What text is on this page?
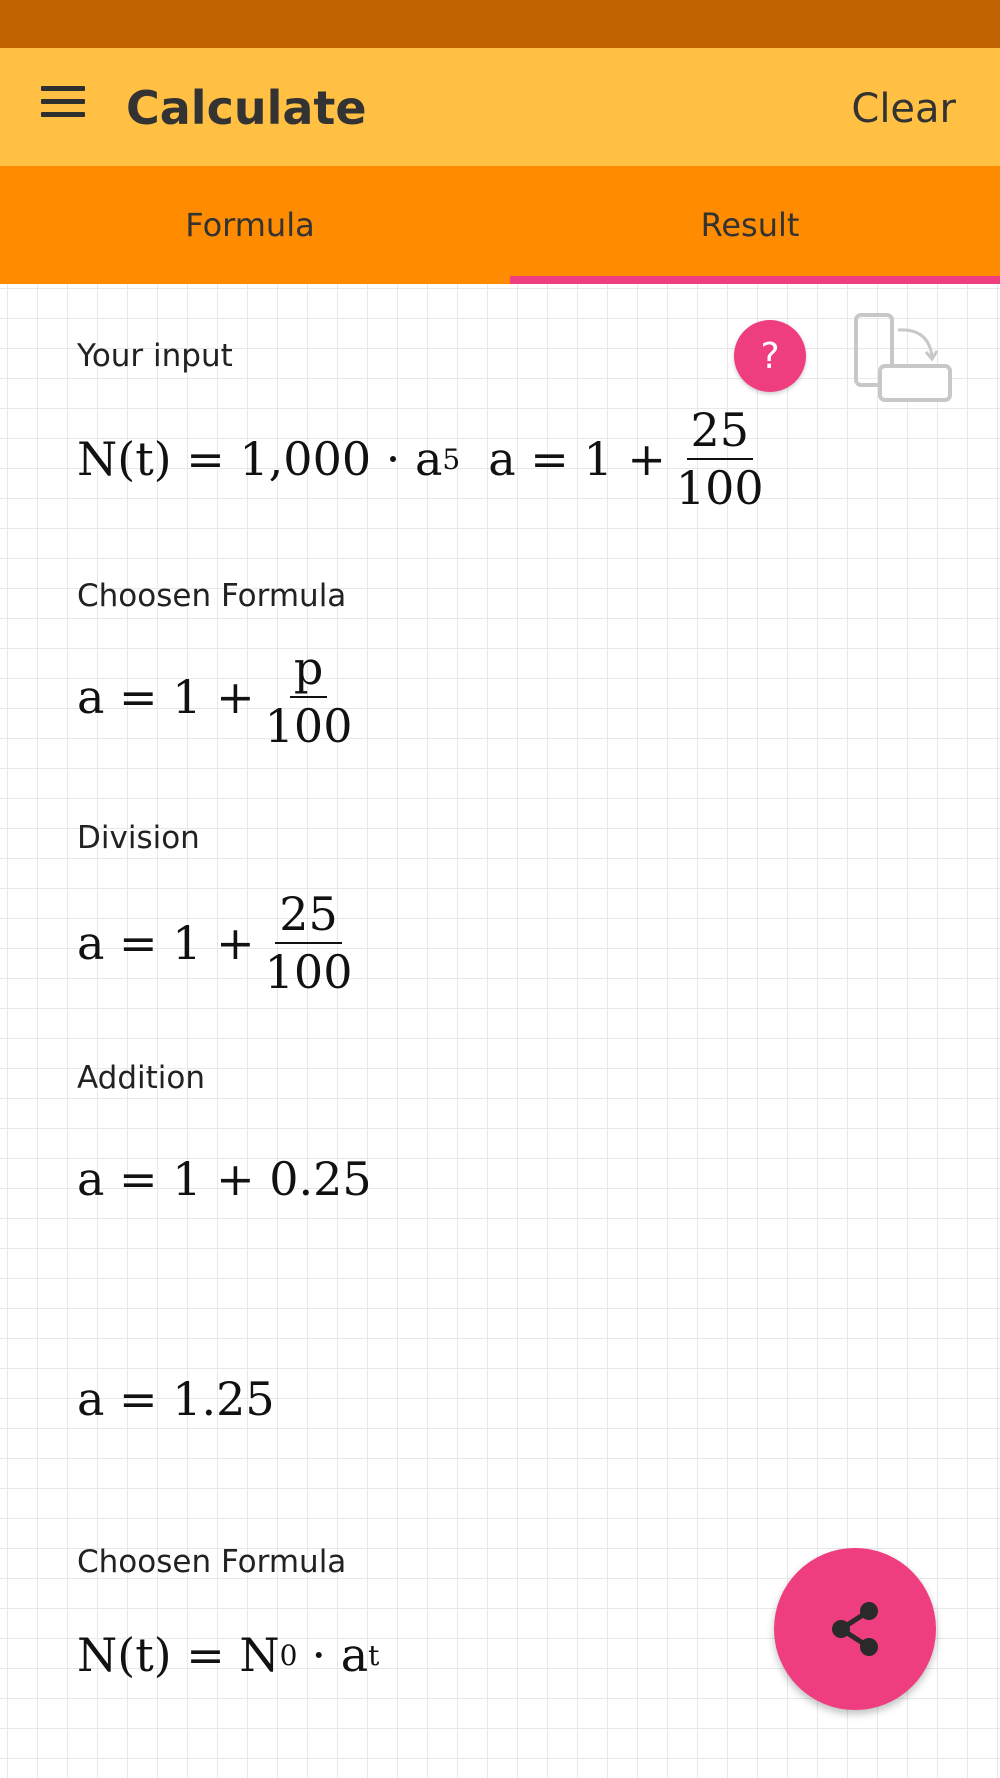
Calculate	Clear
Formula	Result
?
Your input
N(t) = 1,000 · a 5 $a = 1 + \frac{25}{100}$
Choosen Formula
$a = 1 + \frac{p}{100}$
Division
$a = 1 + \frac{25}{100}$
Addition
a = 1 + 0.25
a = 1.25
Choosen Formula
N(t) = N 0 · a t
